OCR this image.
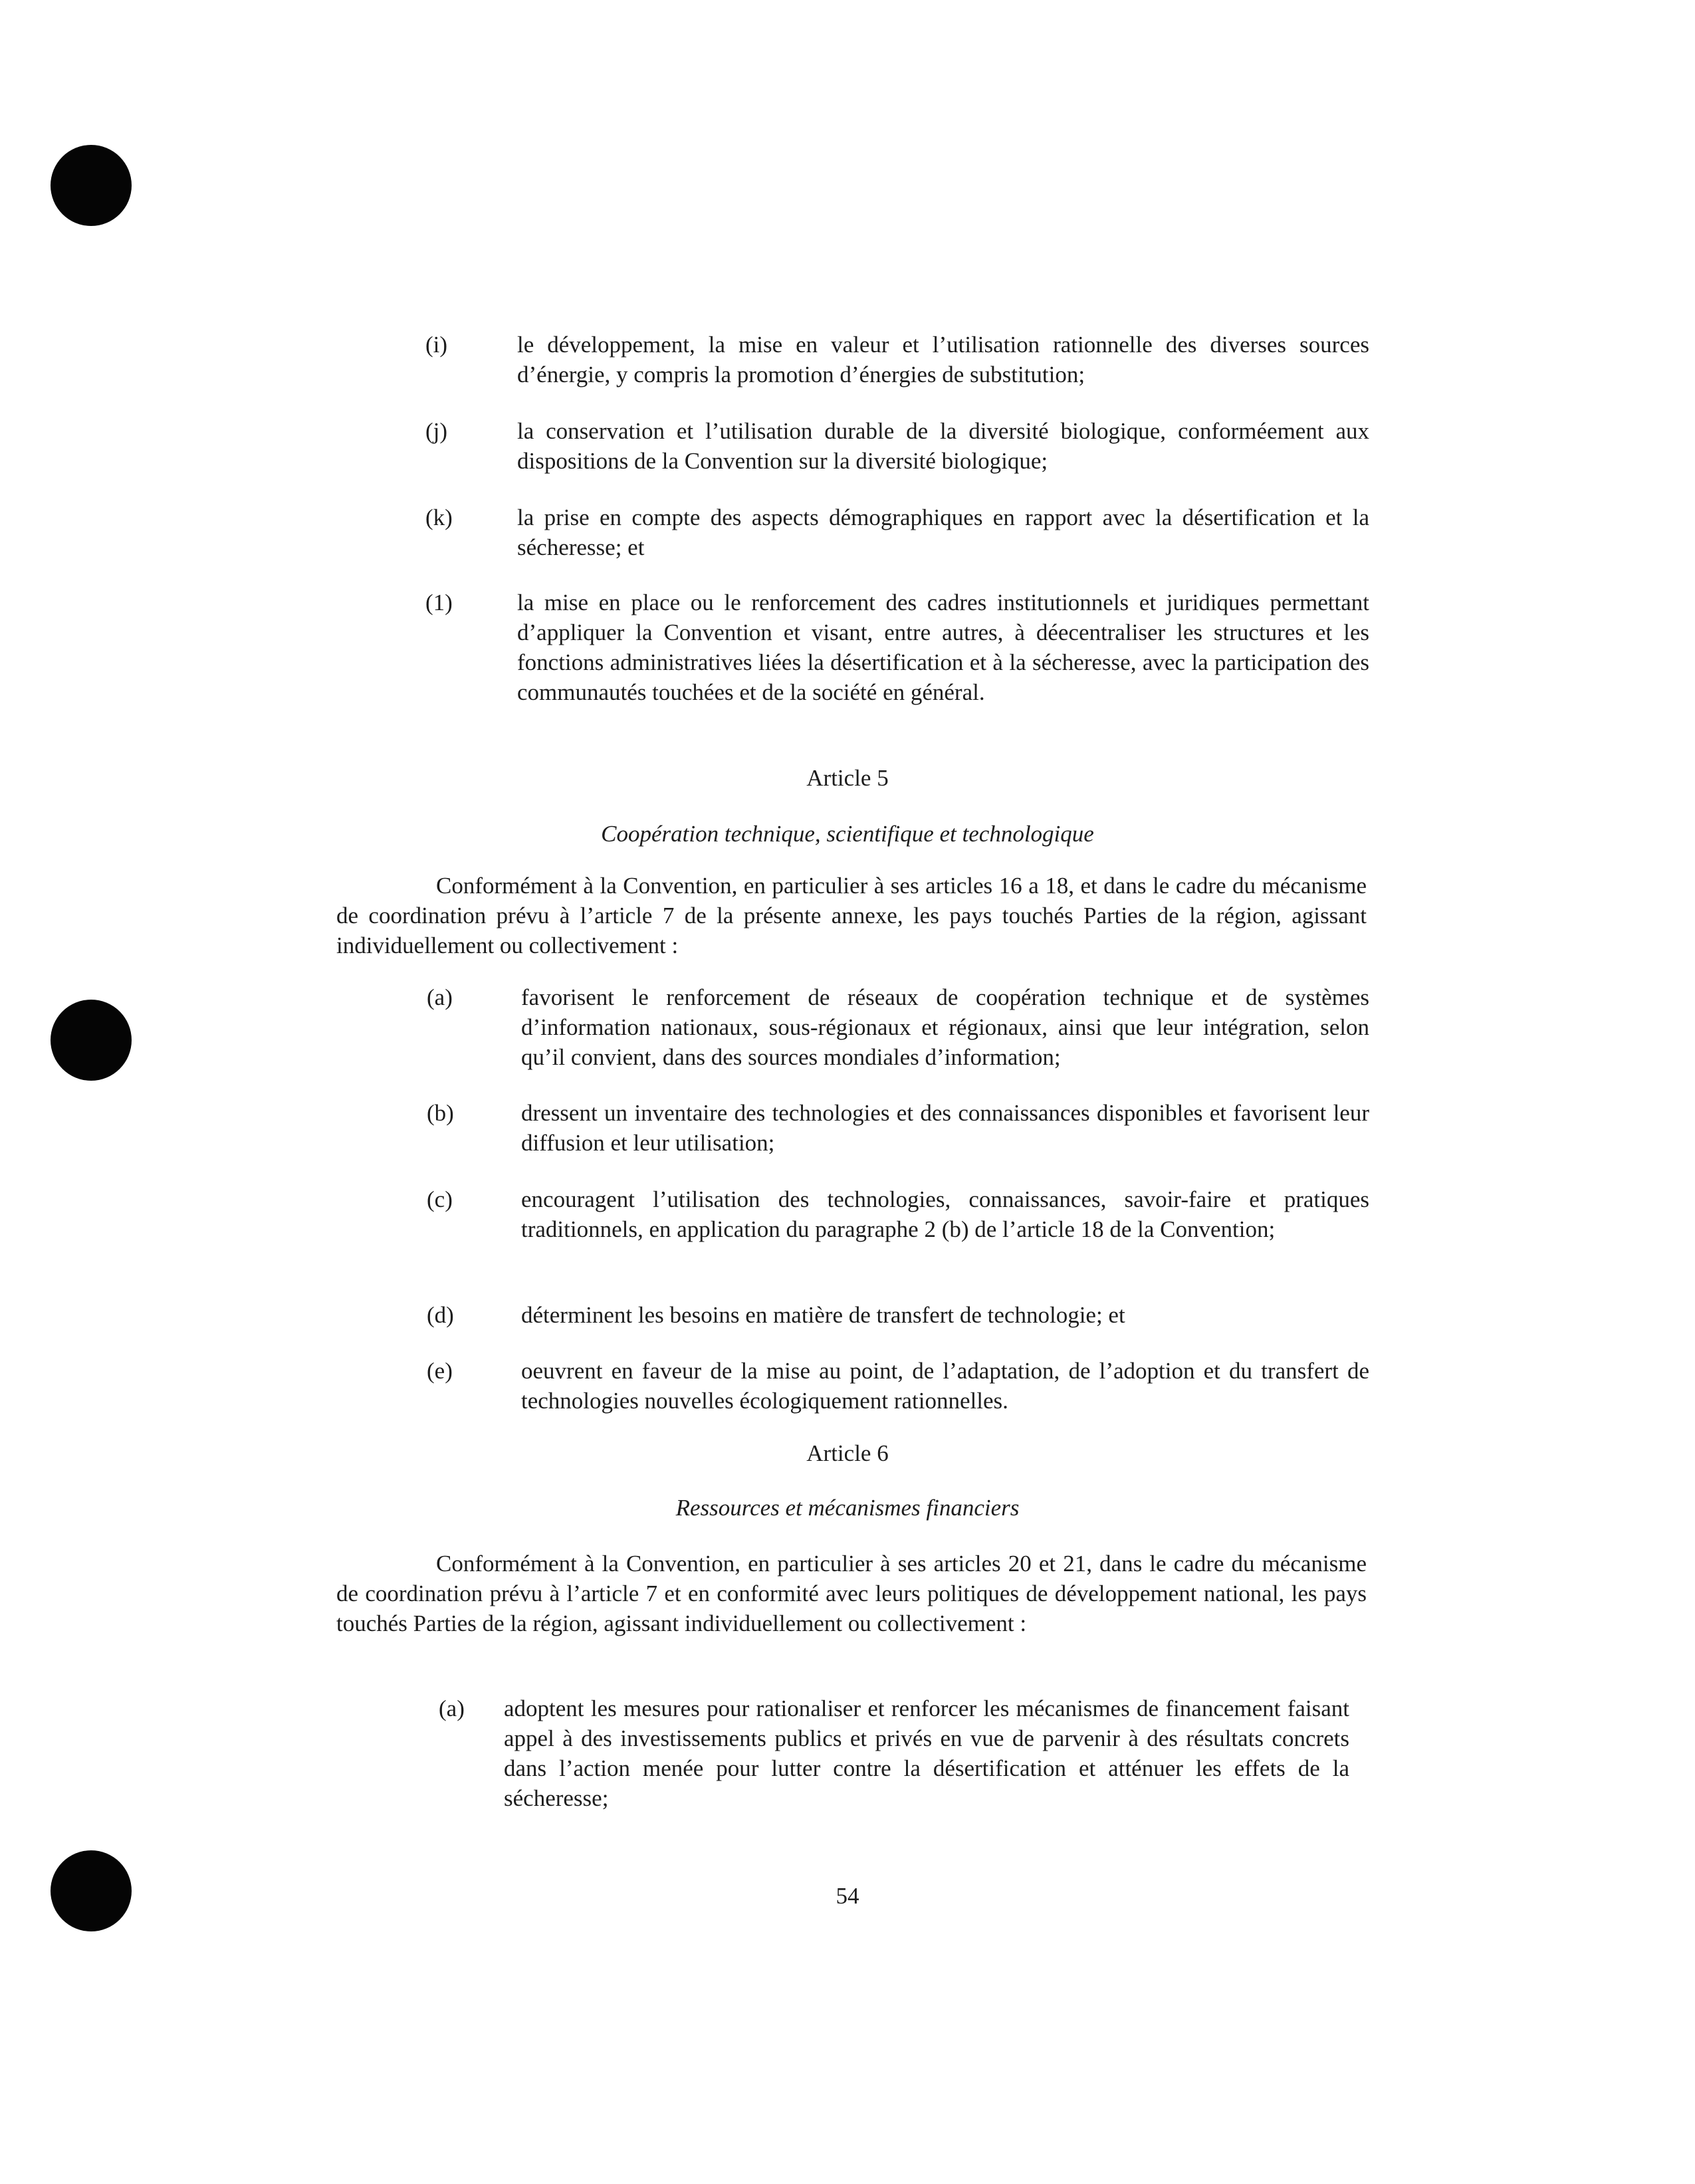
(i)	le développement, la mise en valeur et l’utilisation rationnelle des diverses sources d’énergie, y compris la promotion d’énergies de substitution;
(j)	la conservation et l’utilisation durable de la diversité biologique, conforméement aux dispositions de la Convention sur la diversité biologique;
(k)	la prise en compte des aspects démographiques en rapport avec la désertification et la sécheresse; et
(1)	la mise en place ou le renforcement des cadres institutionnels et juridiques permettant d’appliquer la Convention et visant, entre autres, à déecentraliser les structures et les fonctions administratives liées la désertification et à la sécheresse, avec la participation des communautés touchées et de la société en général.
Article 5
Coopération technique, scientifique et technologique

Conformément à la Convention, en particulier à ses articles 16 a 18, et dans le cadre du mécanisme de coordination prévu à l’article 7 de la présente annexe, les pays touchés Parties de la région, agissant individuellement ou collectivement :

(a)	favorisent le renforcement de réseaux de coopération technique et de systèmes d’information nationaux, sous-régionaux et régionaux, ainsi que leur intégration, selon qu’il convient, dans des sources mondiales d’information;
(b)	dressent un inventaire des technologies et des connaissances disponibles et favorisent leur diffusion et leur utilisation;
(c)	encouragent l’utilisation des technologies, connaissances, savoir-faire et pratiques traditionnels, en application du paragraphe 2 (b) de l’article 18 de la Convention;
(d)	déterminent les besoins en matière de transfert de technologie; et
(e)	oeuvrent en faveur de la mise au point, de l’adaptation, de l’adoption et du transfert de technologies nouvelles écologiquement rationnelles.
Article 6
Ressources et mécanismes financiers

Conformément à la Convention, en particulier à ses articles 20 et 21, dans le cadre du mécanisme de coordination prévu à l’article 7 et en conformité avec leurs politiques de développement national, les pays touchés Parties de la région, agissant individuellement ou collectivement :

(a) adoptent les mesures pour rationaliser et renforcer les mécanismes de financement faisant appel à des investissements publics et privés en vue de parvenir à des résultats concrets dans l’action menée pour lutter contre la désertification et atténuer les effets de la sécheresse;
54
